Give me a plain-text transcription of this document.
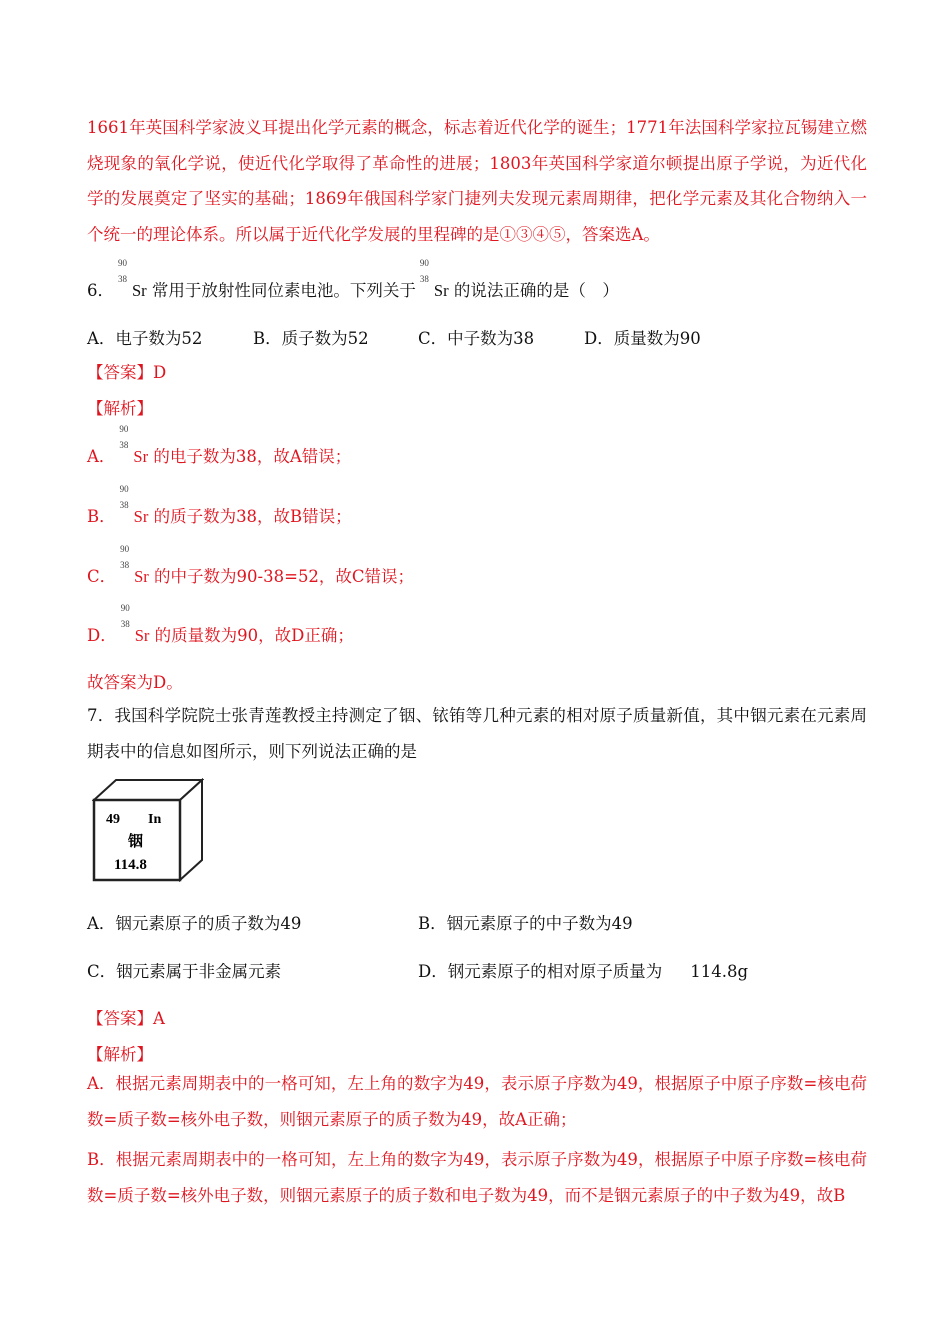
1661年英国科学家波义耳提出化学元素的概念，标志着近代化学的诞生；1771年法国科学家拉瓦锡建立燃烧现象的氧化学说，使近代化学取得了革命性的进展；1803年英国科学家道尔顿提出原子学说，为近代化学的发展奠定了坚实的基础；1869年俄国科学家门捷列夫发现元素周期律，把化学元素及其化合物纳入一个统一的理论体系。所以属于近代化学发展的里程碑的是①③④⑤，答案选A。
6．
90
38
Sr 常用于放射性同位素电池。下列关于
90
38
Sr 的说法正确的是（　）
A．电子数为52	B．质子数为52	C．中子数为38	D．质量数为90
【答案】D
【解析】
A．
90
38
Sr 的电子数为38，故A错误；
B．
90
38
Sr 的质子数为38，故B错误；
C．
90
38
Sr 的中子数为90-38=52，故C错误；
D．
90
38
Sr 的质量数为90，故D正确；
故答案为D。
7．我国科学院院士张青莲教授主持测定了铟、铱铕等几种元素的相对原子质量新值，其中铟元素在元素周期表中的信息如图所示，则下列说法正确的是
49 In
铟
114.8
A．铟元素原子的质子数为49	B．铟元素原子的中子数为49
C．铟元素属于非金属元素	D．钢元素原子的相对原子质量为 114.8g
【答案】A
【解析】
A．根据元素周期表中的一格可知，左上角的数字为49，表示原子序数为49，根据原子中原子序数=核电荷数=质子数=核外电子数，则铟元素原子的质子数为49，故A正确；
B．根据元素周期表中的一格可知，左上角的数字为49，表示原子序数为49，根据原子中原子序数=核电荷数=质子数=核外电子数，则铟元素原子的质子数和电子数为49，而不是铟元素原子的中子数为49，故B
